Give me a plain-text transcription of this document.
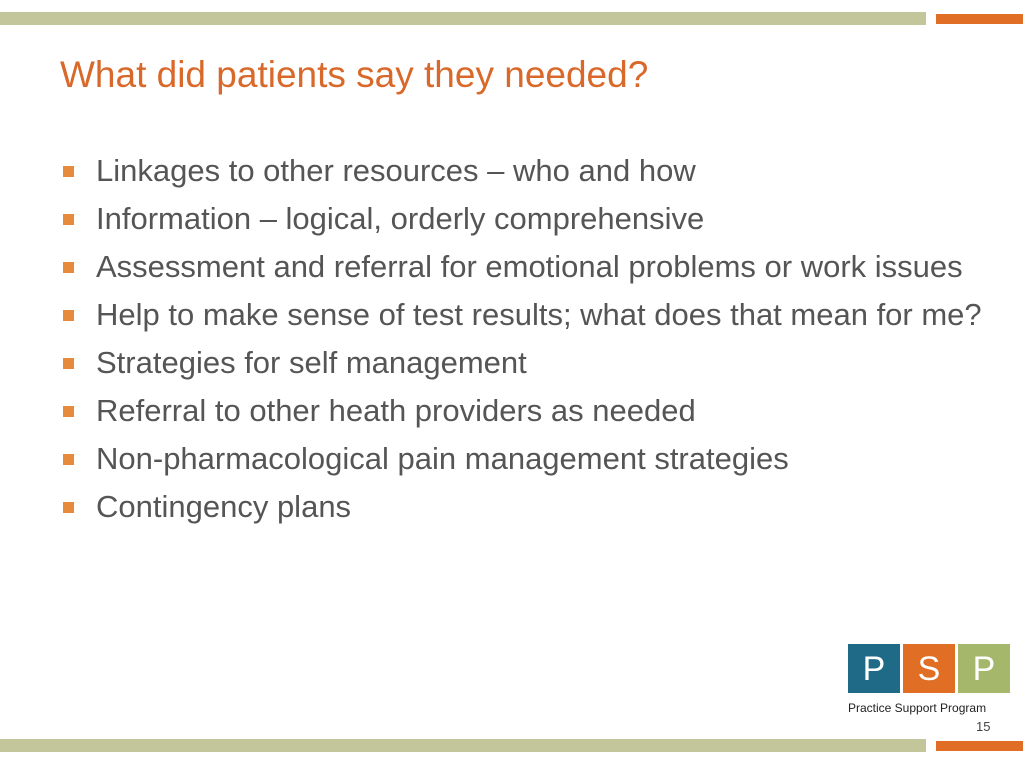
What did patients say they needed?
Linkages to other resources – who and how
Information – logical, orderly comprehensive
Assessment and referral for emotional problems or work issues
Help to make sense of test results; what does that mean for me?
Strategies for self management
Referral to other heath providers as needed
Non-pharmacological pain management strategies
Contingency plans
P S P
Practice Support Program
15
